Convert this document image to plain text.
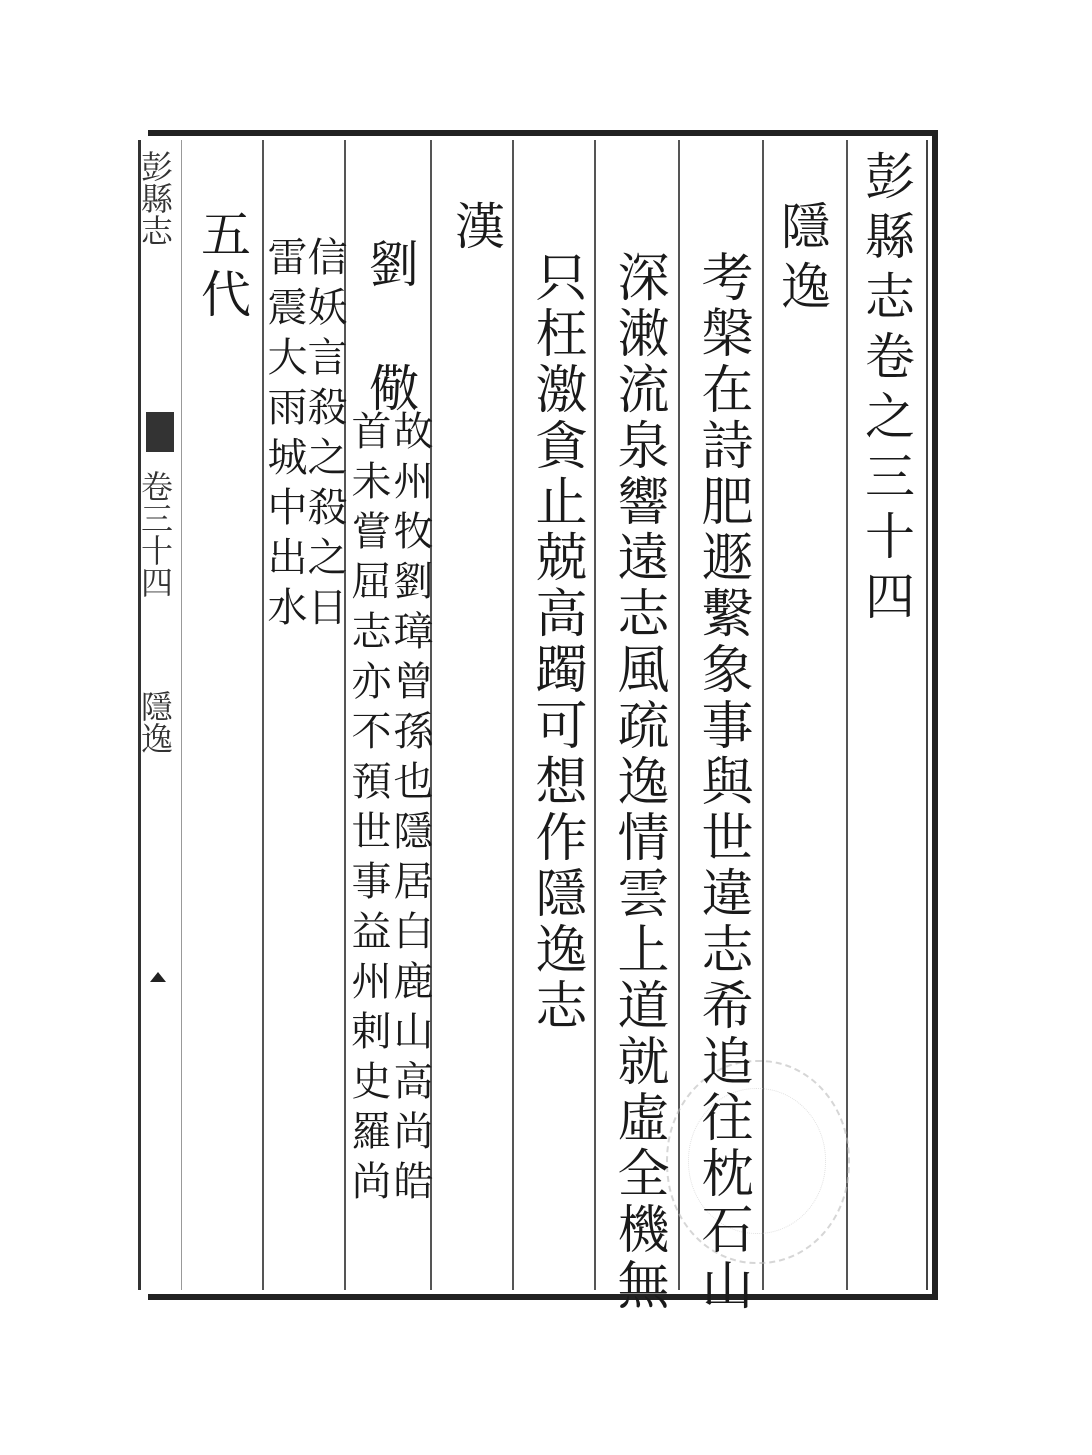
彭縣志
卷三十四
隱逸
彭縣志卷之三十四
隱逸
考槃在詩肥遯繫象事與世違志希追往枕石山
深潄流泉響遠志風疏逸情雲上道就虛全機無
只枉激貪止兢高躅可想作隱逸志
漢
劉
儆
故州牧劉璋曾孫也隱居白鹿山高尚皓
首未嘗屈志亦不預世事益州剌史羅尚
信妖言殺之殺之日
雷震大雨城中出水
五代
